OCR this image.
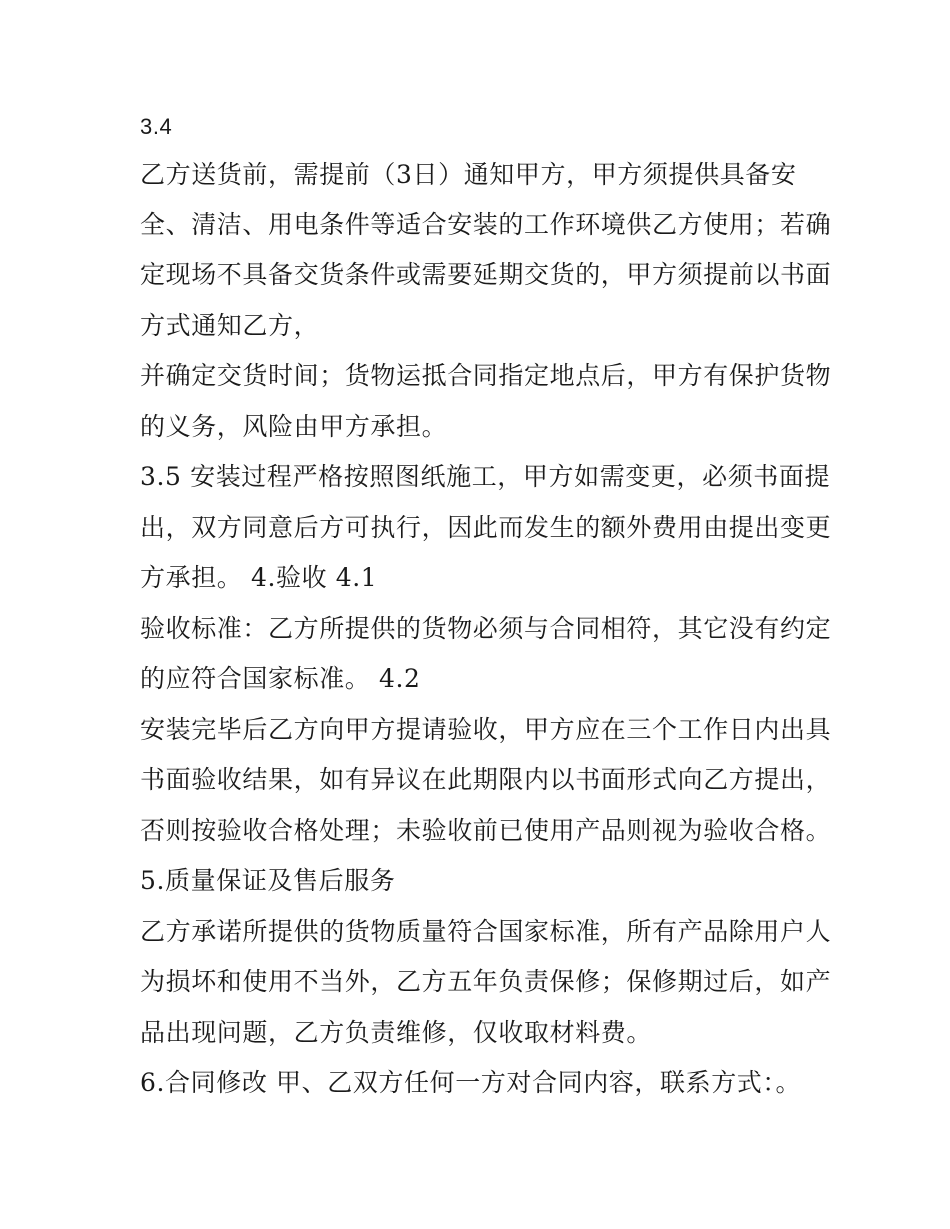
3.4
乙方送货前，需提前（3日）通知甲方，甲方须提供具备安
全、清洁、用电条件等适合安装的工作环境供乙方使用；若确
定现场不具备交货条件或需要延期交货的，甲方须提前以书面
方式通知乙方，
并确定交货时间；货物运抵合同指定地点后，甲方有保护货物
的义务，风险由甲方承担。
3.5 安装过程严格按照图纸施工，甲方如需变更，必须书面提
出，双方同意后方可执行，因此而发生的额外费用由提出变更
方承担。 4.验收 4.1
验收标准：乙方所提供的货物必须与合同相符，其它没有约定
的应符合国家标准。 4.2
安装完毕后乙方向甲方提请验收，甲方应在三个工作日内出具
书面验收结果，如有异议在此期限内以书面形式向乙方提出，
否则按验收合格处理；未验收前已使用产品则视为验收合格。
5.质量保证及售后服务
乙方承诺所提供的货物质量符合国家标准，所有产品除用户人
为损坏和使用不当外，乙方五年负责保修；保修期过后，如产
品出现问题，乙方负责维修，仅收取材料费。
6.合同修改 甲、乙双方任何一方对合同内容，联系方式：。
